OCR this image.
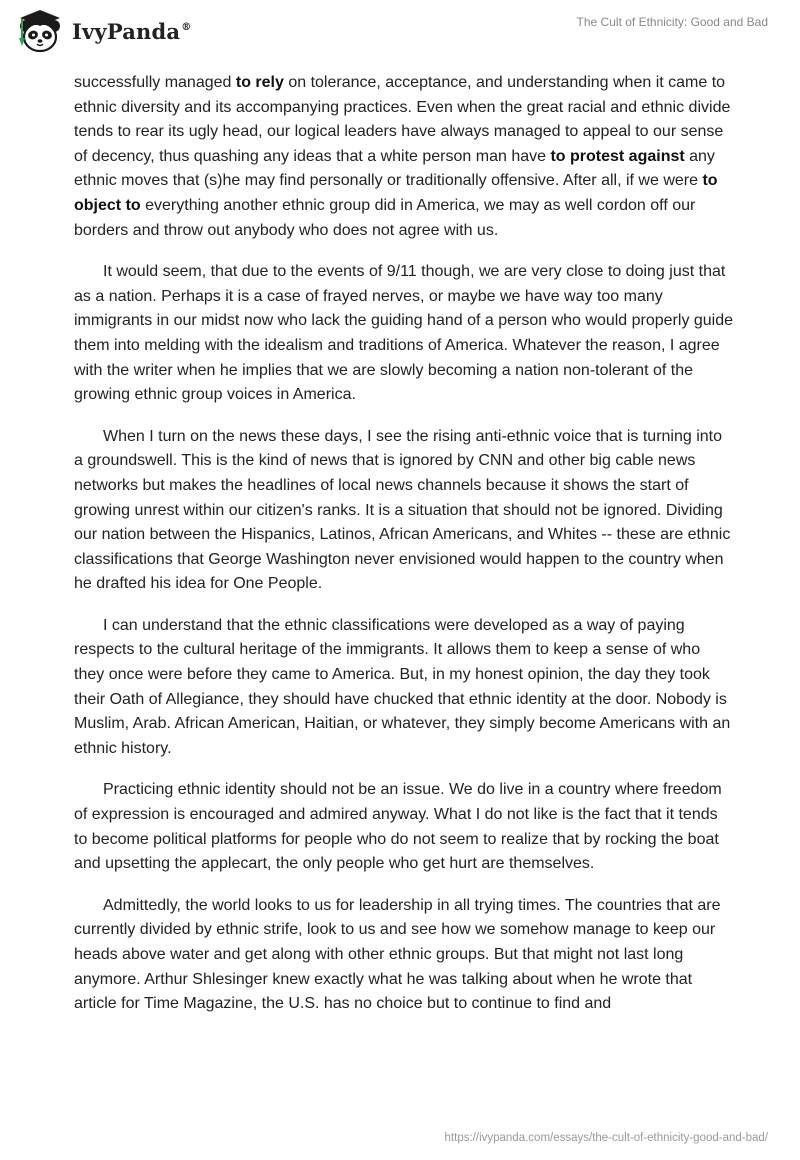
IvyPanda®	The Cult of Ethnicity: Good and Bad

successfully managed to rely on tolerance, acceptance, and understanding when it came to ethnic diversity and its accompanying practices. Even when the great racial and ethnic divide tends to rear its ugly head, our logical leaders have always managed to appeal to our sense of decency, thus quashing any ideas that a white person man have to protest against any ethnic moves that (s)he may find personally or traditionally offensive. After all, if we were to object to everything another ethnic group did in America, we may as well cordon off our borders and throw out anybody who does not agree with us.

It would seem, that due to the events of 9/11 though, we are very close to doing just that as a nation. Perhaps it is a case of frayed nerves, or maybe we have way too many immigrants in our midst now who lack the guiding hand of a person who would properly guide them into melding with the idealism and traditions of America. Whatever the reason, I agree with the writer when he implies that we are slowly becoming a nation non-tolerant of the growing ethnic group voices in America.

When I turn on the news these days, I see the rising anti-ethnic voice that is turning into a groundswell. This is the kind of news that is ignored by CNN and other big cable news networks but makes the headlines of local news channels because it shows the start of growing unrest within our citizen's ranks. It is a situation that should not be ignored. Dividing our nation between the Hispanics, Latinos, African Americans, and Whites -- these are ethnic classifications that George Washington never envisioned would happen to the country when he drafted his idea for One People.

I can understand that the ethnic classifications were developed as a way of paying respects to the cultural heritage of the immigrants. It allows them to keep a sense of who they once were before they came to America. But, in my honest opinion, the day they took their Oath of Allegiance, they should have chucked that ethnic identity at the door. Nobody is Muslim, Arab. African American, Haitian, or whatever, they simply become Americans with an ethnic history.

Practicing ethnic identity should not be an issue. We do live in a country where freedom of expression is encouraged and admired anyway. What I do not like is the fact that it tends to become political platforms for people who do not seem to realize that by rocking the boat and upsetting the applecart, the only people who get hurt are themselves.

Admittedly, the world looks to us for leadership in all trying times. The countries that are currently divided by ethnic strife, look to us and see how we somehow manage to keep our heads above water and get along with other ethnic groups. But that might not last long anymore. Arthur Shlesinger knew exactly what he was talking about when he wrote that article for Time Magazine, the U.S. has no choice but to continue to find and

https://ivypanda.com/essays/the-cult-of-ethnicity-good-and-bad/
